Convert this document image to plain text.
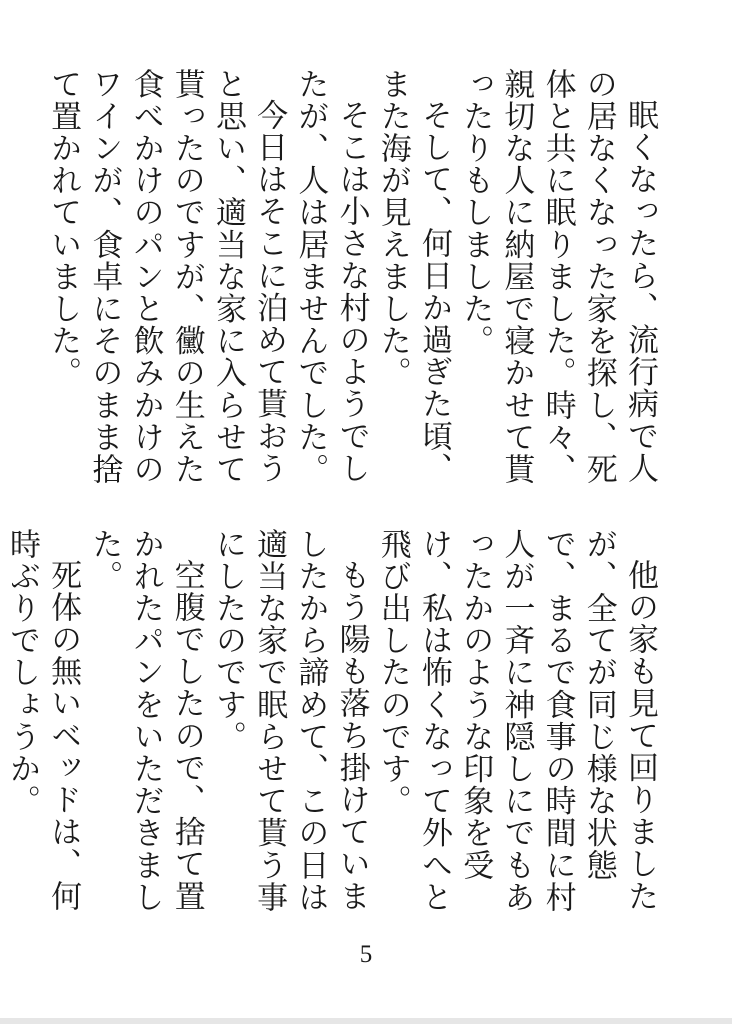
眠くなったら、流行病で人の居なくなった家を探し、死体と共に眠りました。時々、親切な人に納屋で寝かせて貰ったりもしました。

そして、何日か過ぎた頃、また海が見えました。

そこは小さな村のようでしたが、人は居ませんでした。

今日はそこに泊めて貰おうと思い、適当な家に入らせて貰ったのですが、黴の生えた食べかけのパンと飲みかけのワインが、食卓にそのまま捨て置かれていました。

他の家も見て回りましたが、全てが同じ様な状態で、まるで食事の時間に村人が一斉に神隠しにでもあったかのような印象を受け、私は怖くなって外へと飛び出したのです。

もう陽も落ち掛けていましたから諦めて、この日は適当な家で眠らせて貰う事にしたのです。

空腹でしたので、捨て置かれたパンをいただきました。

死体の無いベッドは、何時ぶりでしょうか。

5
